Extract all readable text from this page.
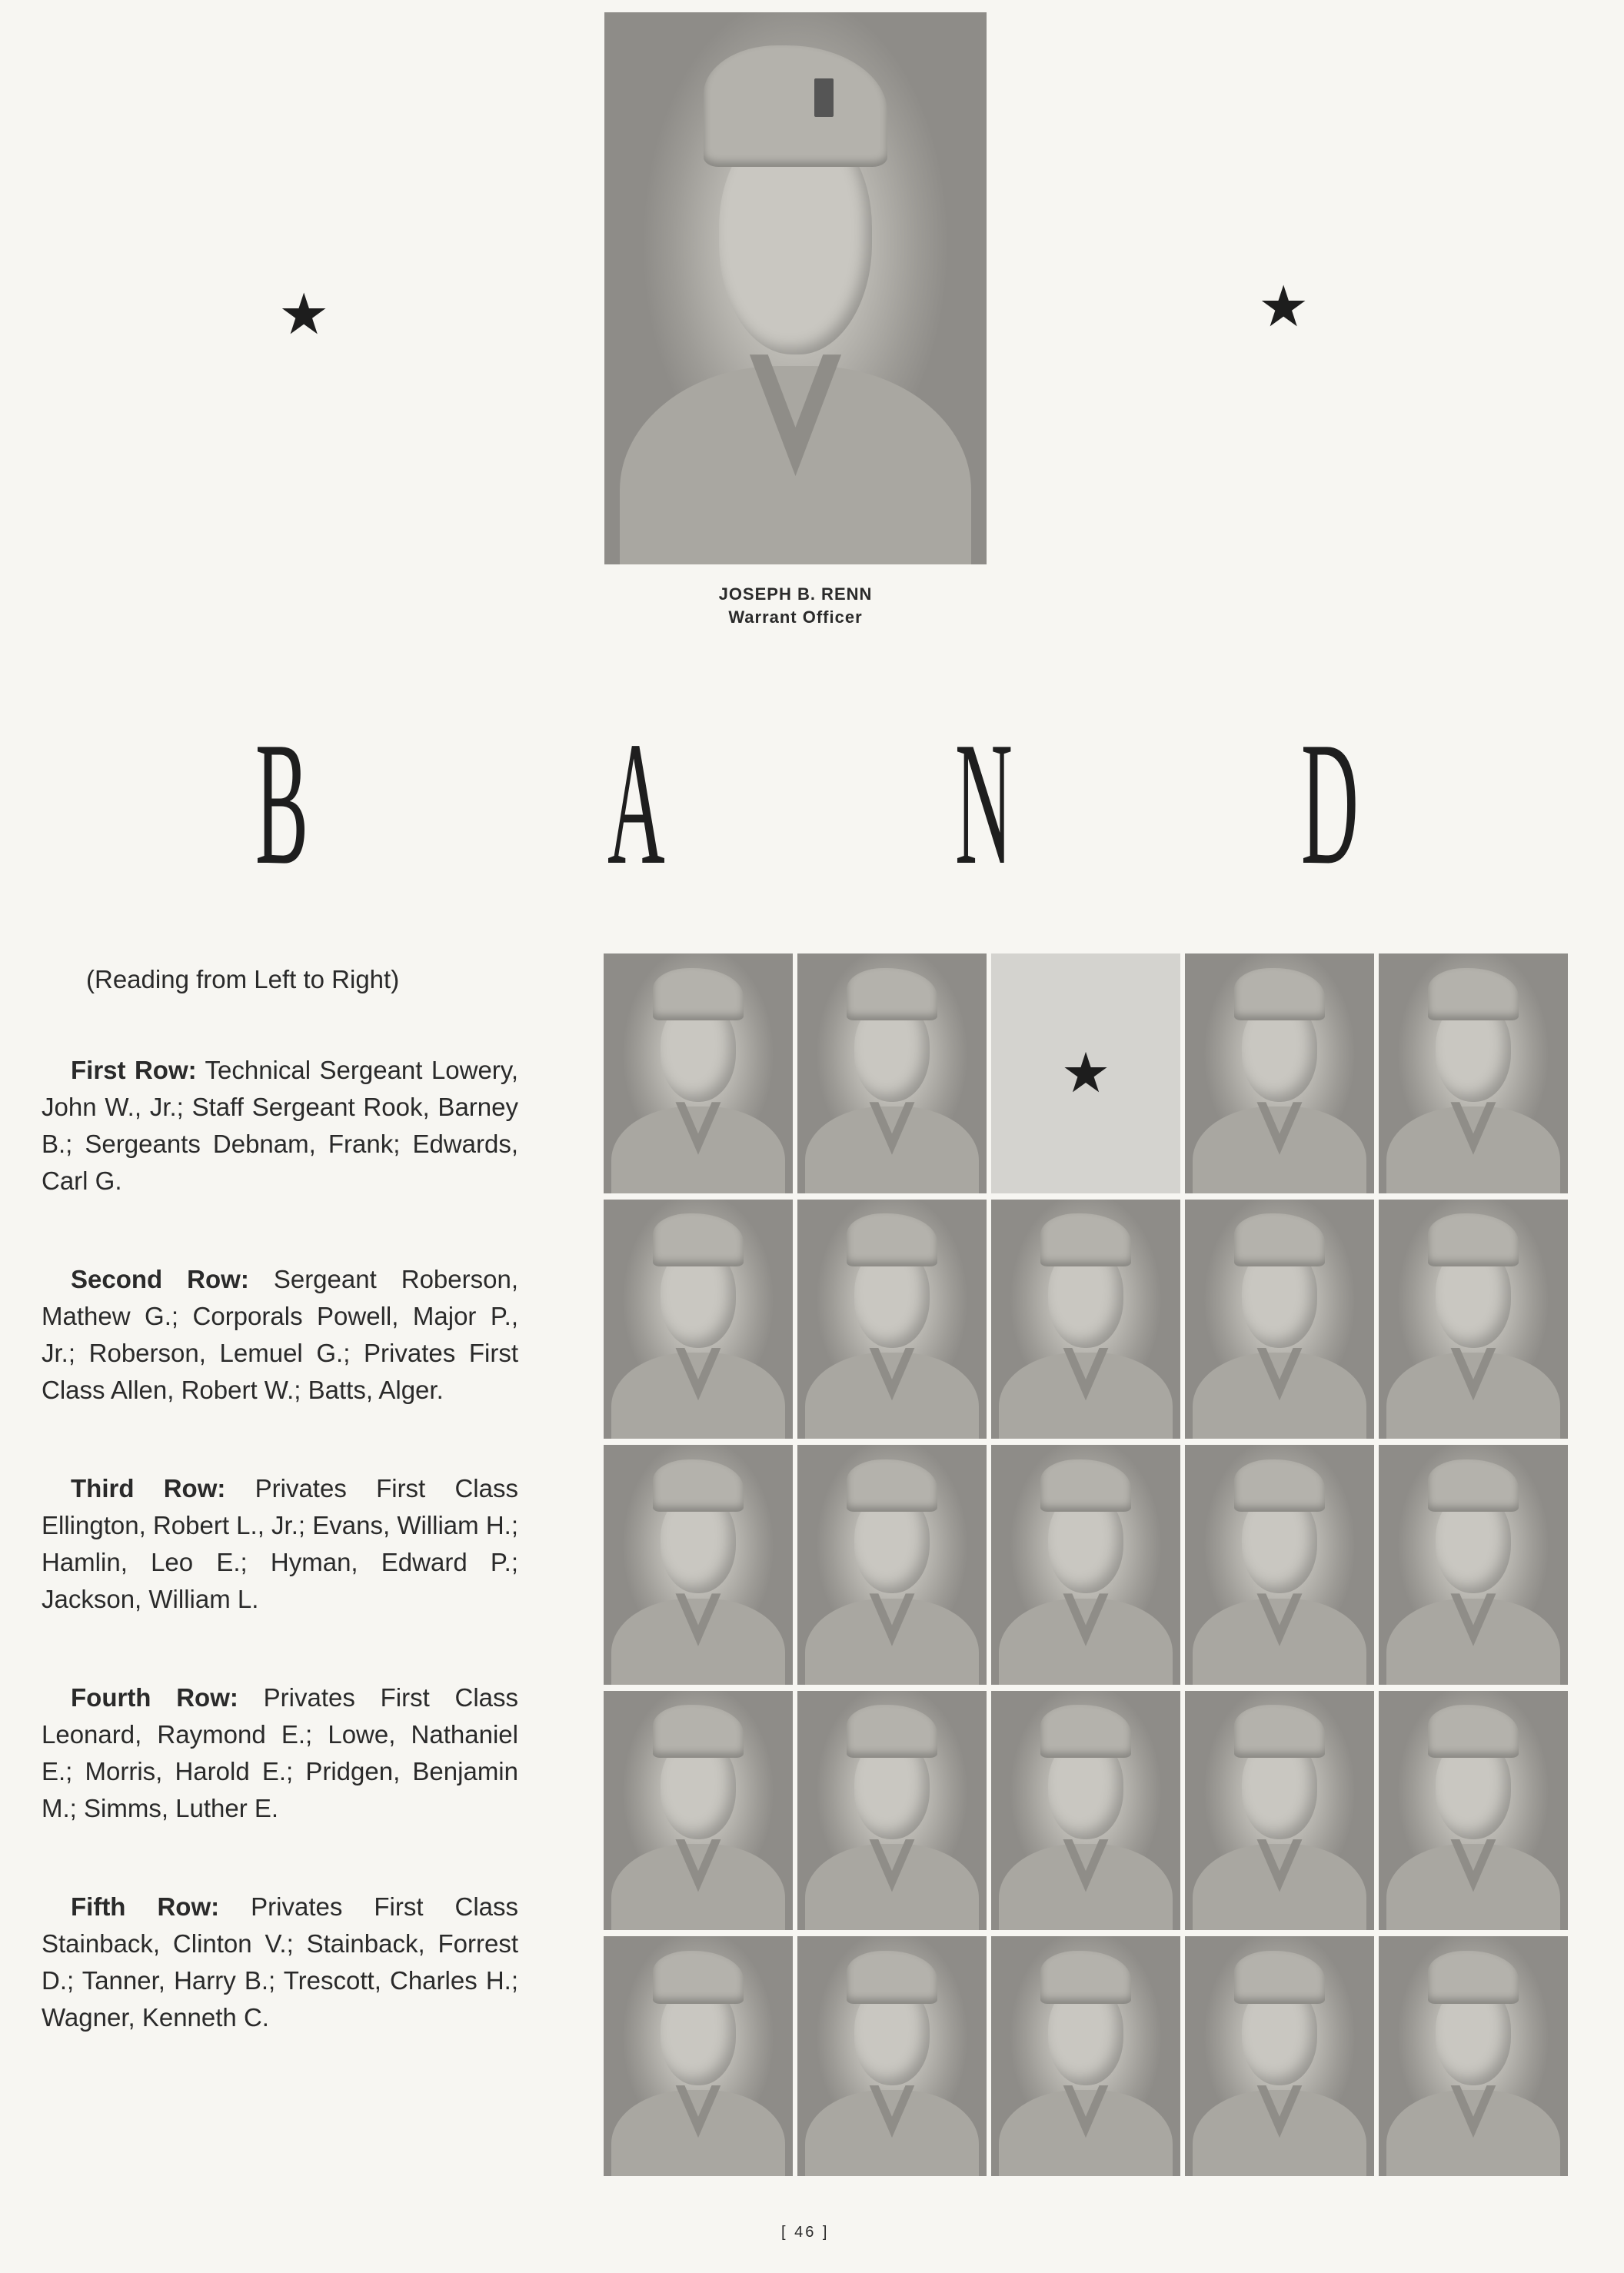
★	★
JOSEPH B. RENN
Warrant Officer
B A N D
(Reading from Left to Right)

First Row: Technical Sergeant Lowery, John W., Jr.; Staff Sergeant Rook, Barney B.; Sergeants Debnam, Frank; Edwards, Carl G.

Second Row: Sergeant Roberson, Mathew G.; Corporals Powell, Major P., Jr.; Roberson, Lemuel G.; Privates First Class Allen, Robert W.; Batts, Alger.

Third Row: Privates First Class Ellington, Robert L., Jr.; Evans, William H.; Hamlin, Leo E.; Hyman, Edward P.; Jackson, William L.

Fourth Row: Privates First Class Leonard, Raymond E.; Lowe, Nathaniel E.; Morris, Harold E.; Pridgen, Benjamin M.; Simms, Luther E.

Fifth Row: Privates First Class Stainback, Clinton V.; Stainback, Forrest D.; Tanner, Harry B.; Trescott, Charles H.; Wagner, Kenneth C.

★
[ 46 ]
